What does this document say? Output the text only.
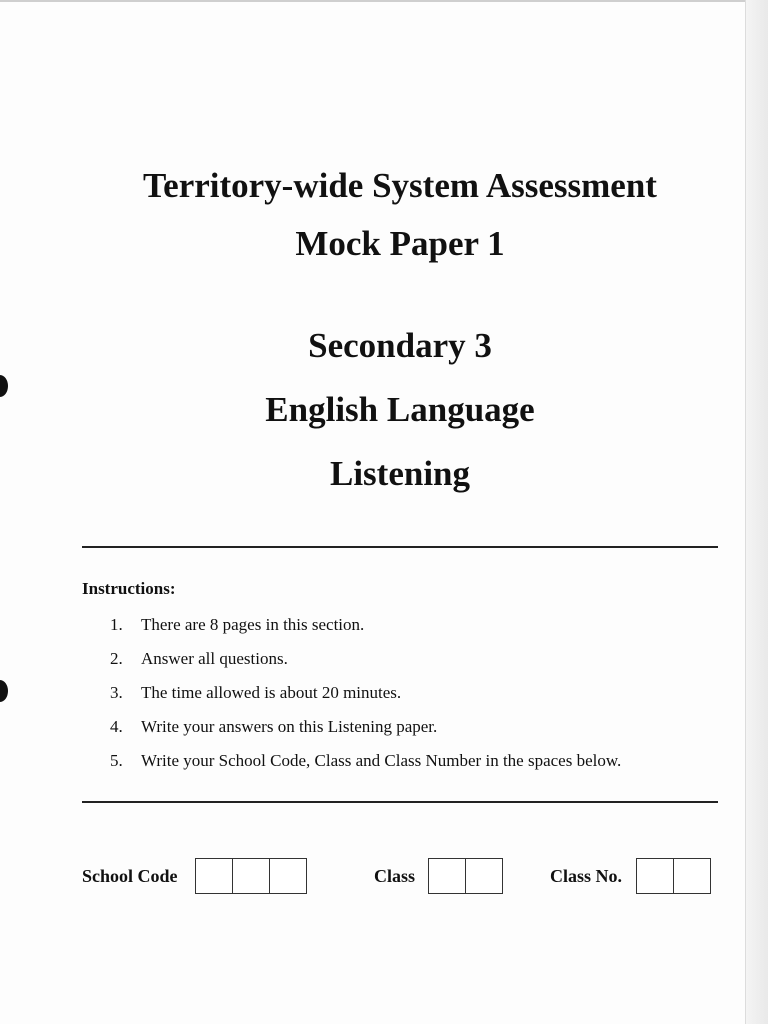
Territory-wide System Assessment
Mock Paper 1
Secondary 3
English Language
Listening
Instructions:
1. There are 8 pages in this section.
2. Answer all questions.
3. The time allowed is about 20 minutes.
4. Write your answers on this Listening paper.
5. Write your School Code, Class and Class Number in the spaces below.
School Code	Class	Class No.
